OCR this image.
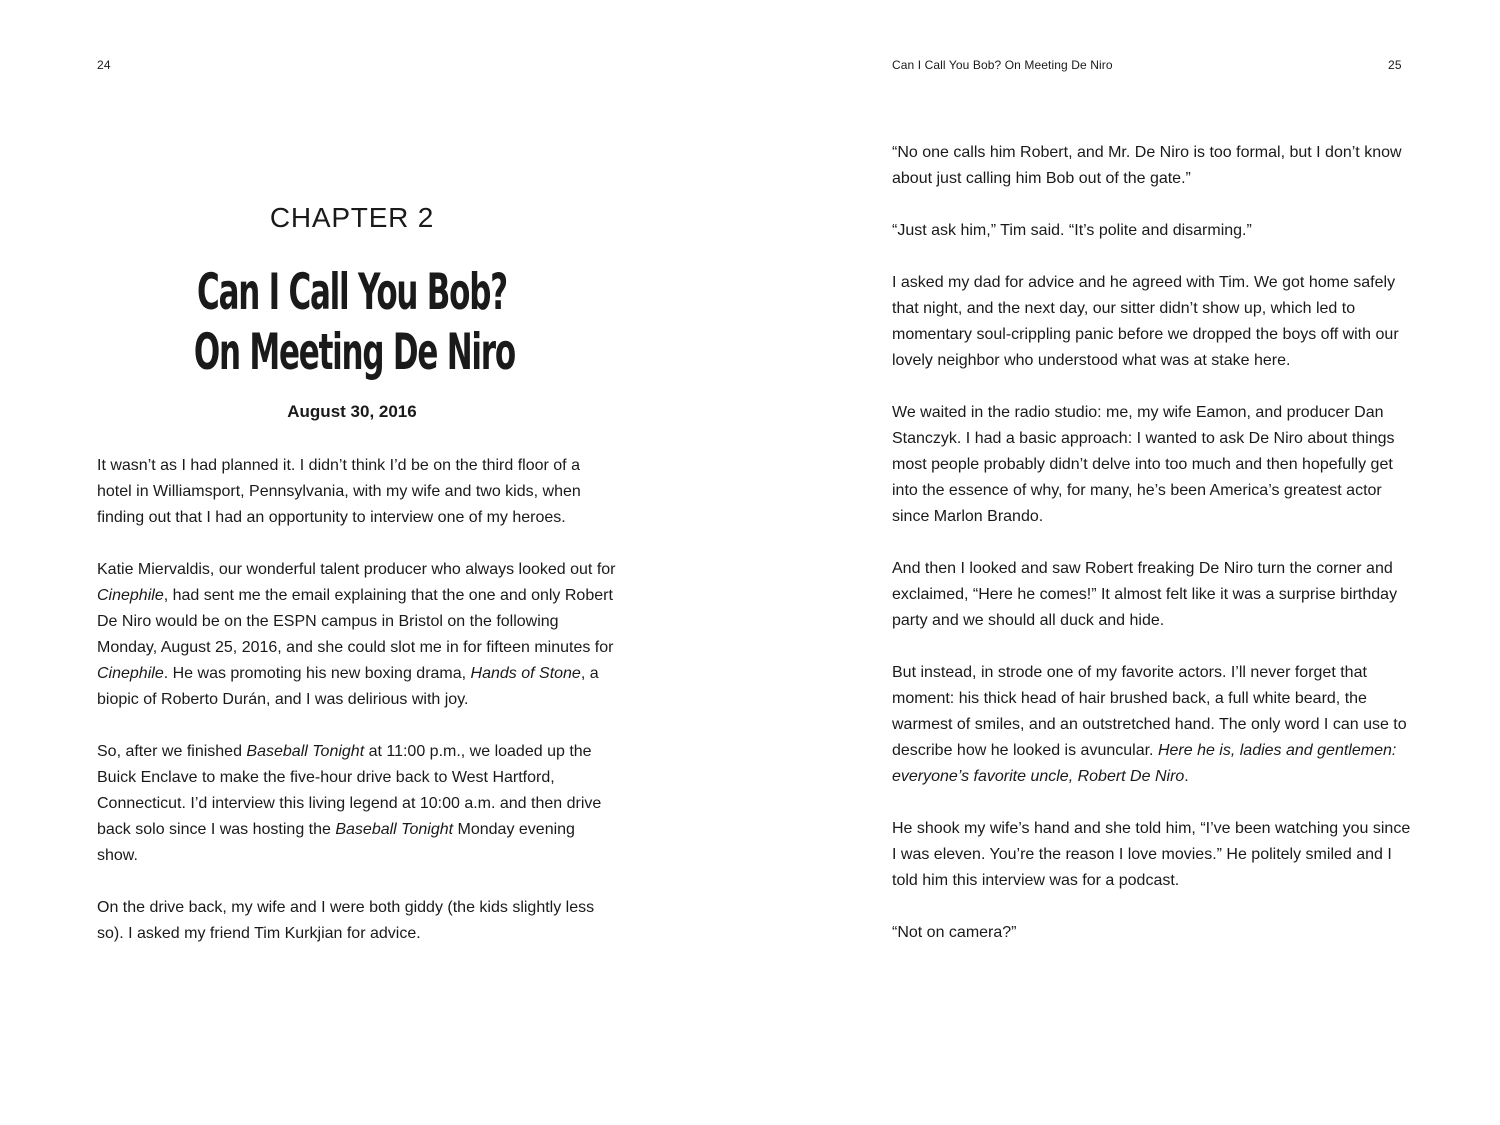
24
CHAPTER 2
Can I Call You Bob?
On Meeting De Niro
August 30, 2016

It wasn’t as I had planned it. I didn’t think I’d be on the third floor of a hotel in Williamsport, Pennsylvania, with my wife and two kids, when finding out that I had an opportunity to interview one of my heroes.

Katie Miervaldis, our wonderful talent producer who always looked out for Cinephile, had sent me the email explaining that the one and only Robert De Niro would be on the ESPN campus in Bristol on the following Monday, August 25, 2016, and she could slot me in for fifteen minutes for Cinephile. He was promoting his new boxing drama, Hands of Stone, a biopic of Roberto Durán, and I was delirious with joy.

So, after we finished Baseball Tonight at 11:00 p.m., we loaded up the Buick Enclave to make the five-hour drive back to West Hartford, Connecticut. I’d interview this living legend at 10:00 a.m. and then drive back solo since I was hosting the Baseball Tonight Monday evening show.

On the drive back, my wife and I were both giddy (the kids slightly less so). I asked my friend Tim Kurkjian for advice.

Can I Call You Bob? On Meeting De Niro	25

“No one calls him Robert, and Mr. De Niro is too formal, but I don’t know about just calling him Bob out of the gate.”

“Just ask him,” Tim said. “It’s polite and disarming.”

I asked my dad for advice and he agreed with Tim. We got home safely that night, and the next day, our sitter didn’t show up, which led to momentary soul-crippling panic before we dropped the boys off with our lovely neighbor who understood what was at stake here.

We waited in the radio studio: me, my wife Eamon, and producer Dan Stanczyk. I had a basic approach: I wanted to ask De Niro about things most people probably didn’t delve into too much and then hopefully get into the essence of why, for many, he’s been America’s greatest actor since Marlon Brando.

And then I looked and saw Robert freaking De Niro turn the corner and exclaimed, “Here he comes!” It almost felt like it was a surprise birthday party and we should all duck and hide.

But instead, in strode one of my favorite actors. I’ll never forget that moment: his thick head of hair brushed back, a full white beard, the warmest of smiles, and an outstretched hand. The only word I can use to describe how he looked is avuncular. Here he is, ladies and gentlemen: everyone’s favorite uncle, Robert De Niro.

He shook my wife’s hand and she told him, “I’ve been watching you since I was eleven. You’re the reason I love movies.” He politely smiled and I told him this interview was for a podcast.

“Not on camera?”
